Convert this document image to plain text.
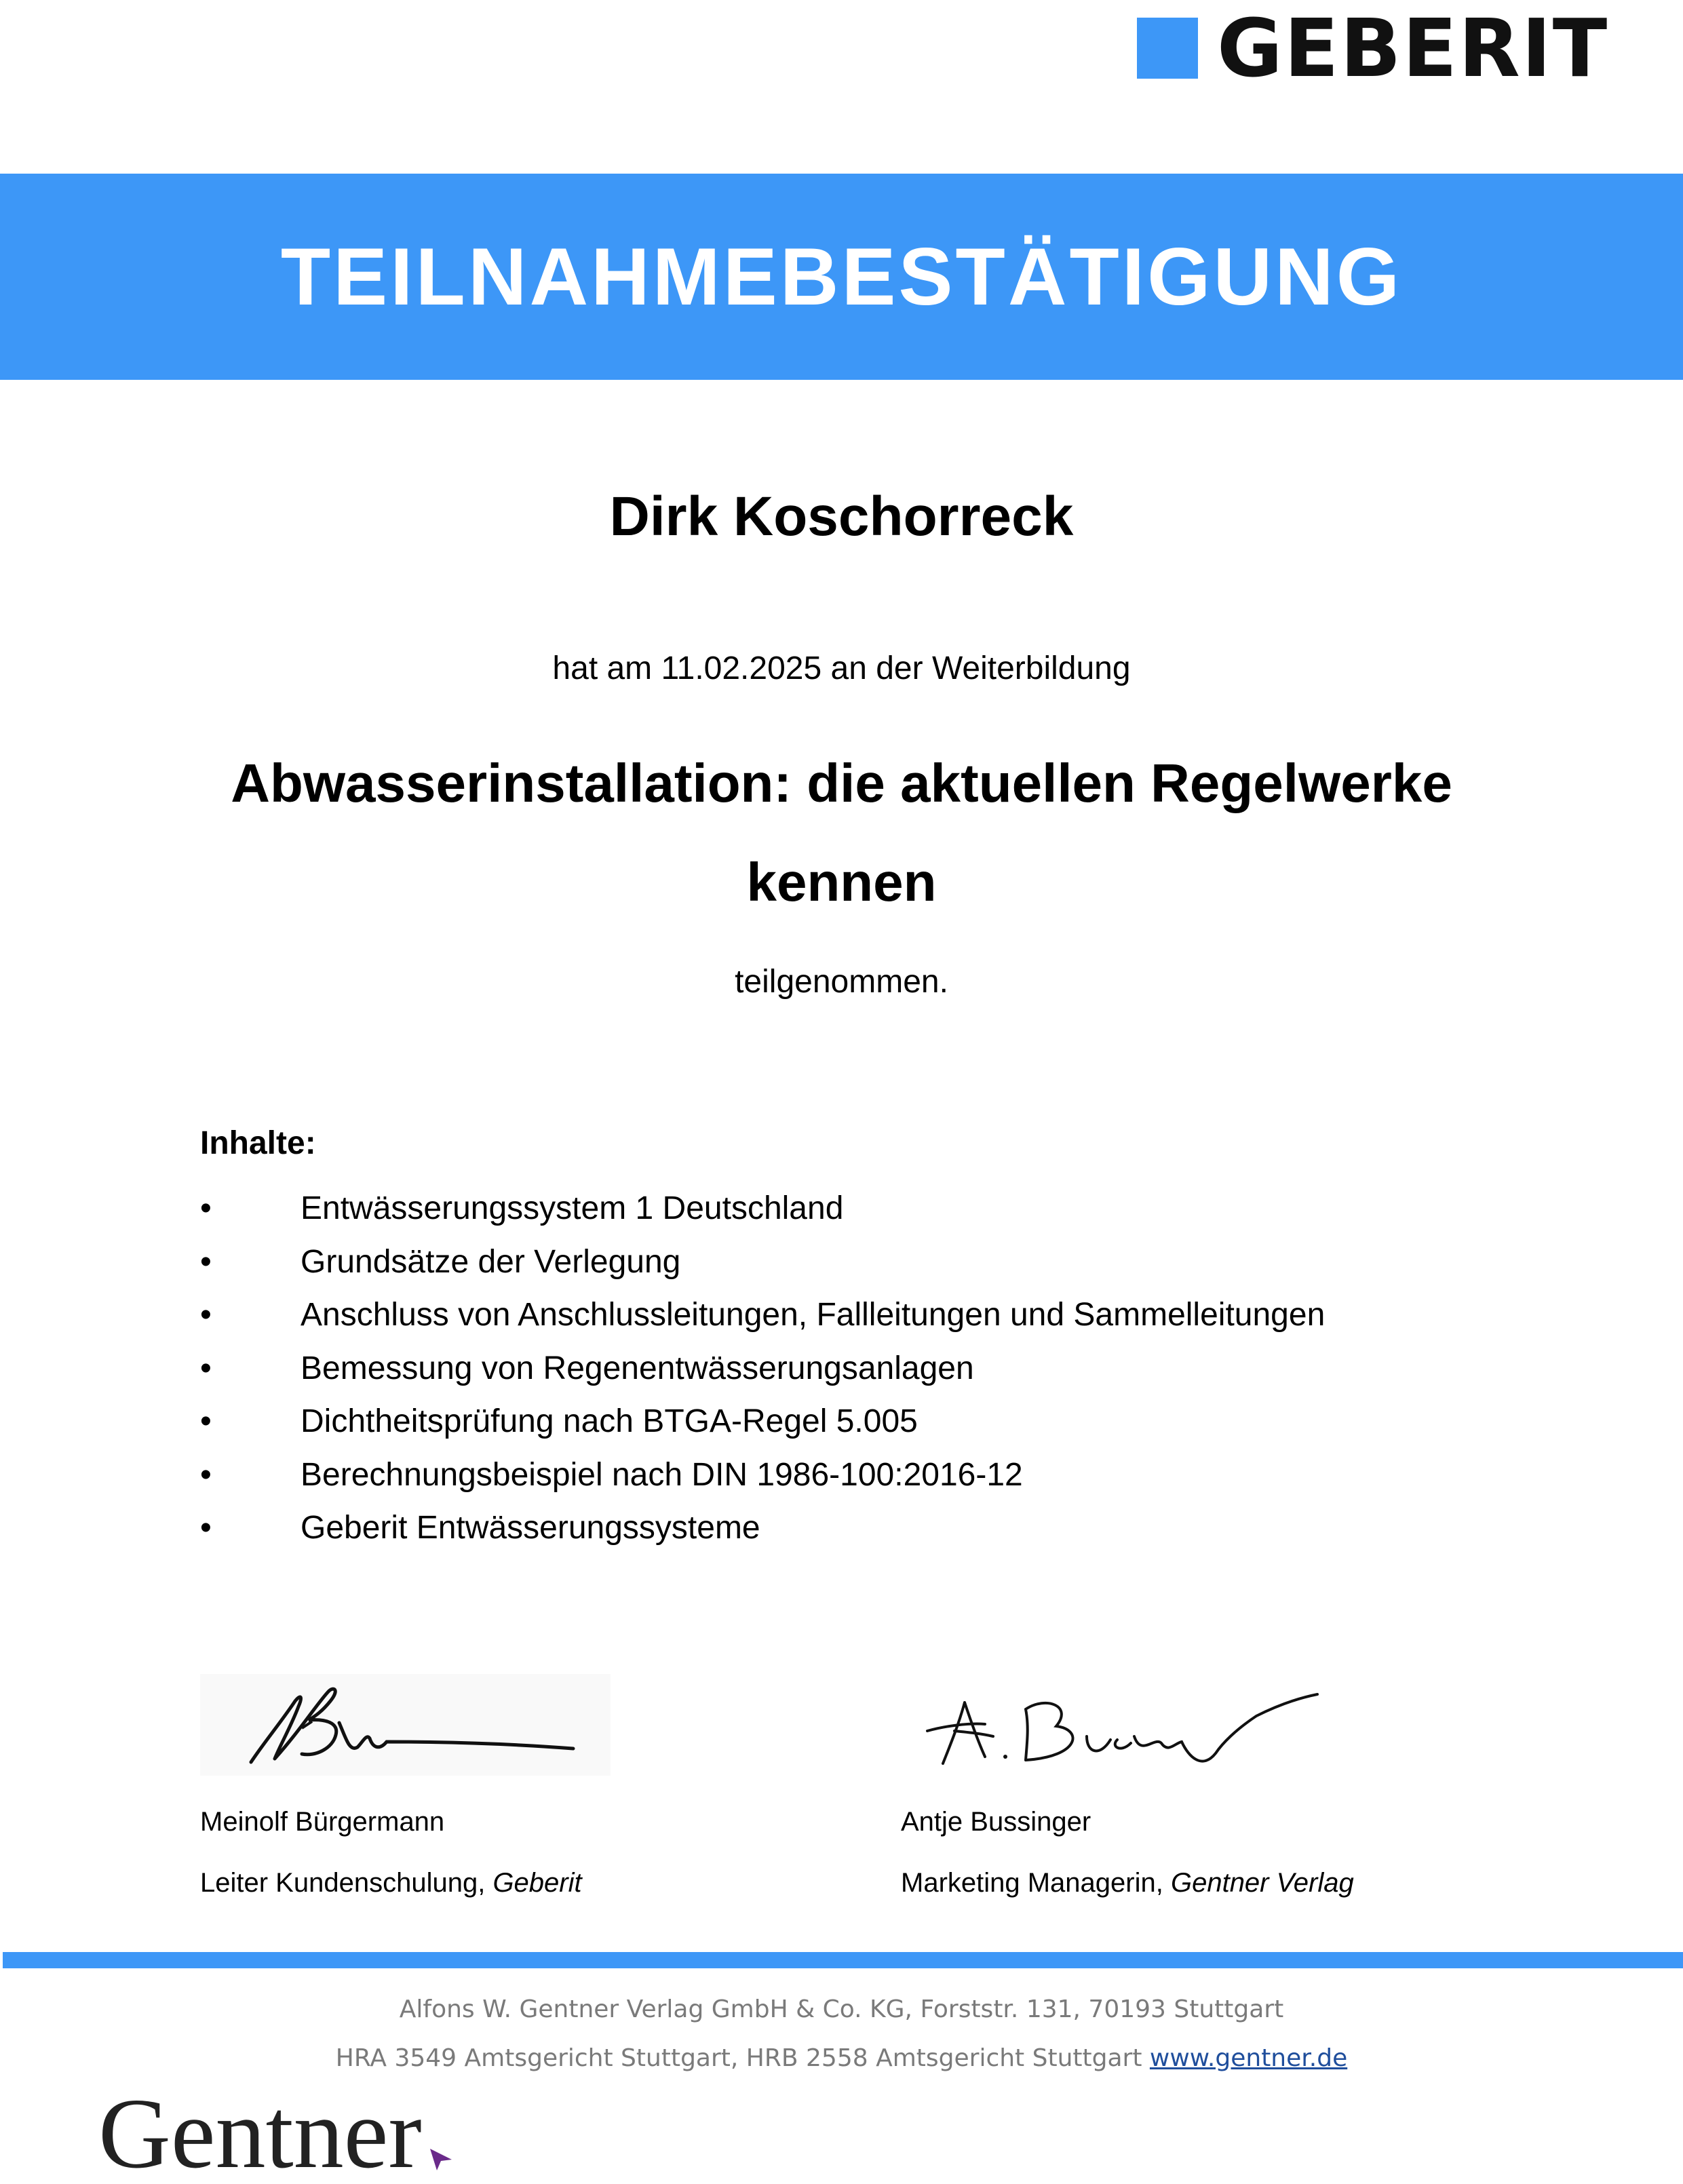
GEBERIT
TEILNAHMEBESTÄTIGUNG
Dirk Koschorreck
hat am 11.02.2025 an der Weiterbildung
Abwasserinstallation: die aktuellen Regelwerke
kennen
teilgenommen.
Inhalte:
•	Entwässerungssystem 1 Deutschland
•	Grundsätze der Verlegung
•	Anschluss von Anschlussleitungen, Fallleitungen und Sammelleitungen
•	Bemessung von Regenentwässerungsanlagen
•	Dichtheitsprüfung nach BTGA-Regel 5.005
•	Berechnungsbeispiel nach DIN 1986-100:2016-12
•	Geberit Entwässerungssysteme
Meinolf Bürgermann
Leiter Kundenschulung, Geberit
Antje Bussinger
Marketing Managerin, Gentner Verlag
Alfons W. Gentner Verlag GmbH & Co. KG, Forststr. 131, 70193 Stuttgart
HRA 3549 Amtsgericht Stuttgart, HRB 2558 Amtsgericht Stuttgart www.gentner.de
Gentner
